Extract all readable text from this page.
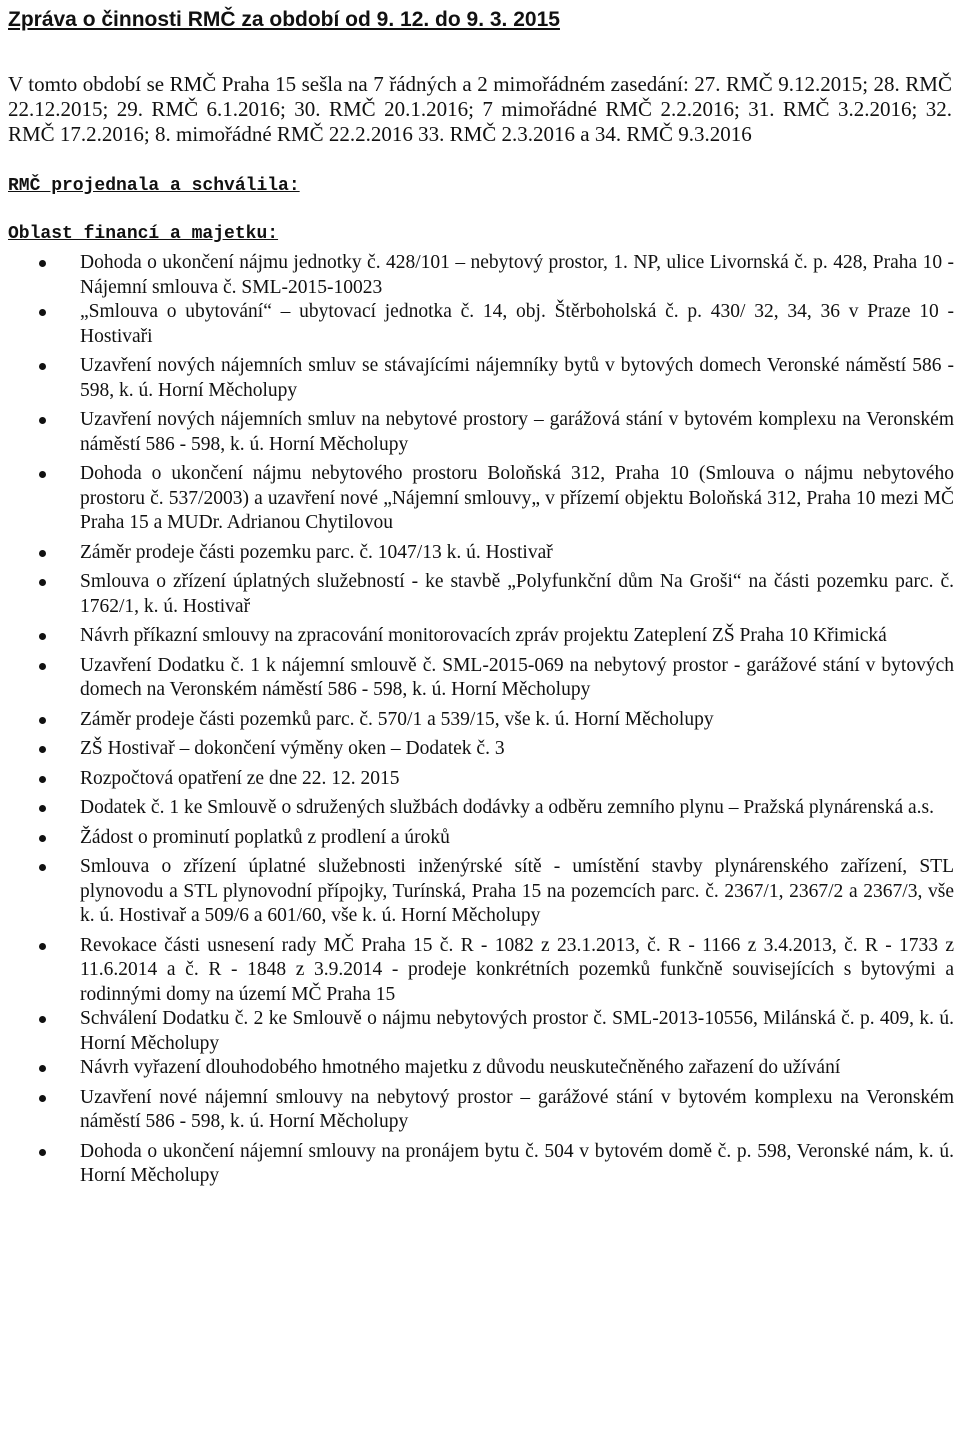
Zpráva o činnosti RMČ za období od 9. 12. do 9. 3. 2015

V tomto období se RMČ Praha 15 sešla na 7 řádných a 2 mimořádném zasedání: 27. RMČ 9.12.2015; 28. RMČ 22.12.2015; 29. RMČ 6.1.2016; 30. RMČ 20.1.2016; 7 mimořádné RMČ 2.2.2016; 31. RMČ 3.2.2016; 32. RMČ 17.2.2016; 8. mimořádné RMČ 22.2.2016 33. RMČ 2.3.2016 a 34. RMČ 9.3.2016

RMČ projednala a schválila:

Oblast financí a majetku:

Dohoda o ukončení nájmu jednotky č. 428/101 – nebytový prostor, 1. NP, ulice Livornská č. p. 428, Praha 10 - Nájemní smlouva č. SML-2015-10023
„Smlouva o ubytování“ – ubytovací jednotka č. 14, obj. Štěrboholská č. p. 430/ 32, 34, 36 v Praze 10 - Hostivaři
Uzavření nových nájemních smluv se stávajícími nájemníky bytů v bytových domech Veronské náměstí 586 - 598, k. ú. Horní Měcholupy
Uzavření nových nájemních smluv na nebytové prostory – garážová stání v bytovém komplexu na Veronském náměstí 586 - 598, k. ú. Horní Měcholupy
Dohoda o ukončení nájmu nebytového prostoru Boloňská 312, Praha 10 (Smlouva o nájmu nebytového prostoru č. 537/2003) a uzavření nové „Nájemní smlouvy„ v přízemí objektu Boloňská 312, Praha 10 mezi MČ Praha 15 a MUDr. Adrianou Chytilovou
Záměr prodeje části pozemku parc. č. 1047/13 k. ú. Hostivař
Smlouva o zřízení úplatných služebností - ke stavbě „Polyfunkční dům Na Groši“ na části pozemku parc. č. 1762/1, k. ú. Hostivař
Návrh příkazní smlouvy na zpracování monitorovacích zpráv projektu Zateplení ZŠ Praha 10 Křimická
Uzavření Dodatku č. 1 k nájemní smlouvě č. SML-2015-069 na nebytový prostor - garážové stání v bytových domech na Veronském náměstí 586 - 598, k. ú. Horní Měcholupy
Záměr prodeje části pozemků parc. č. 570/1 a 539/15, vše k. ú. Horní Měcholupy
ZŠ Hostivař – dokončení výměny oken – Dodatek č. 3
Rozpočtová opatření ze dne 22. 12. 2015
Dodatek č. 1 ke Smlouvě o sdružených službách dodávky a odběru zemního plynu – Pražská plynárenská a.s.
Žádost o prominutí poplatků z prodlení a úroků
Smlouva o zřízení úplatné služebnosti inženýrské sítě - umístění stavby plynárenského zařízení, STL plynovodu a STL plynovodní přípojky, Turínská, Praha 15 na pozemcích parc. č. 2367/1, 2367/2 a 2367/3, vše k. ú. Hostivař a 509/6 a 601/60, vše k. ú. Horní Měcholupy
Revokace části usnesení rady MČ Praha 15 č. R - 1082 z 23.1.2013, č. R - 1166 z 3.4.2013, č. R - 1733 z 11.6.2014 a č. R - 1848 z 3.9.2014 - prodeje konkrétních pozemků funkčně souvisejících s bytovými a rodinnými domy na území MČ Praha 15
Schválení Dodatku č. 2 ke Smlouvě o nájmu nebytových prostor č. SML-2013-10556, Milánská č. p. 409, k. ú. Horní Měcholupy
Návrh vyřazení dlouhodobého hmotného majetku z důvodu neuskutečněného zařazení do užívání
Uzavření nové nájemní smlouvy na nebytový prostor – garážové stání v bytovém komplexu na Veronském náměstí 586 - 598, k. ú. Horní Měcholupy
Dohoda o ukončení nájemní smlouvy na pronájem bytu č. 504 v bytovém domě č. p. 598, Veronské nám, k. ú. Horní Měcholupy
